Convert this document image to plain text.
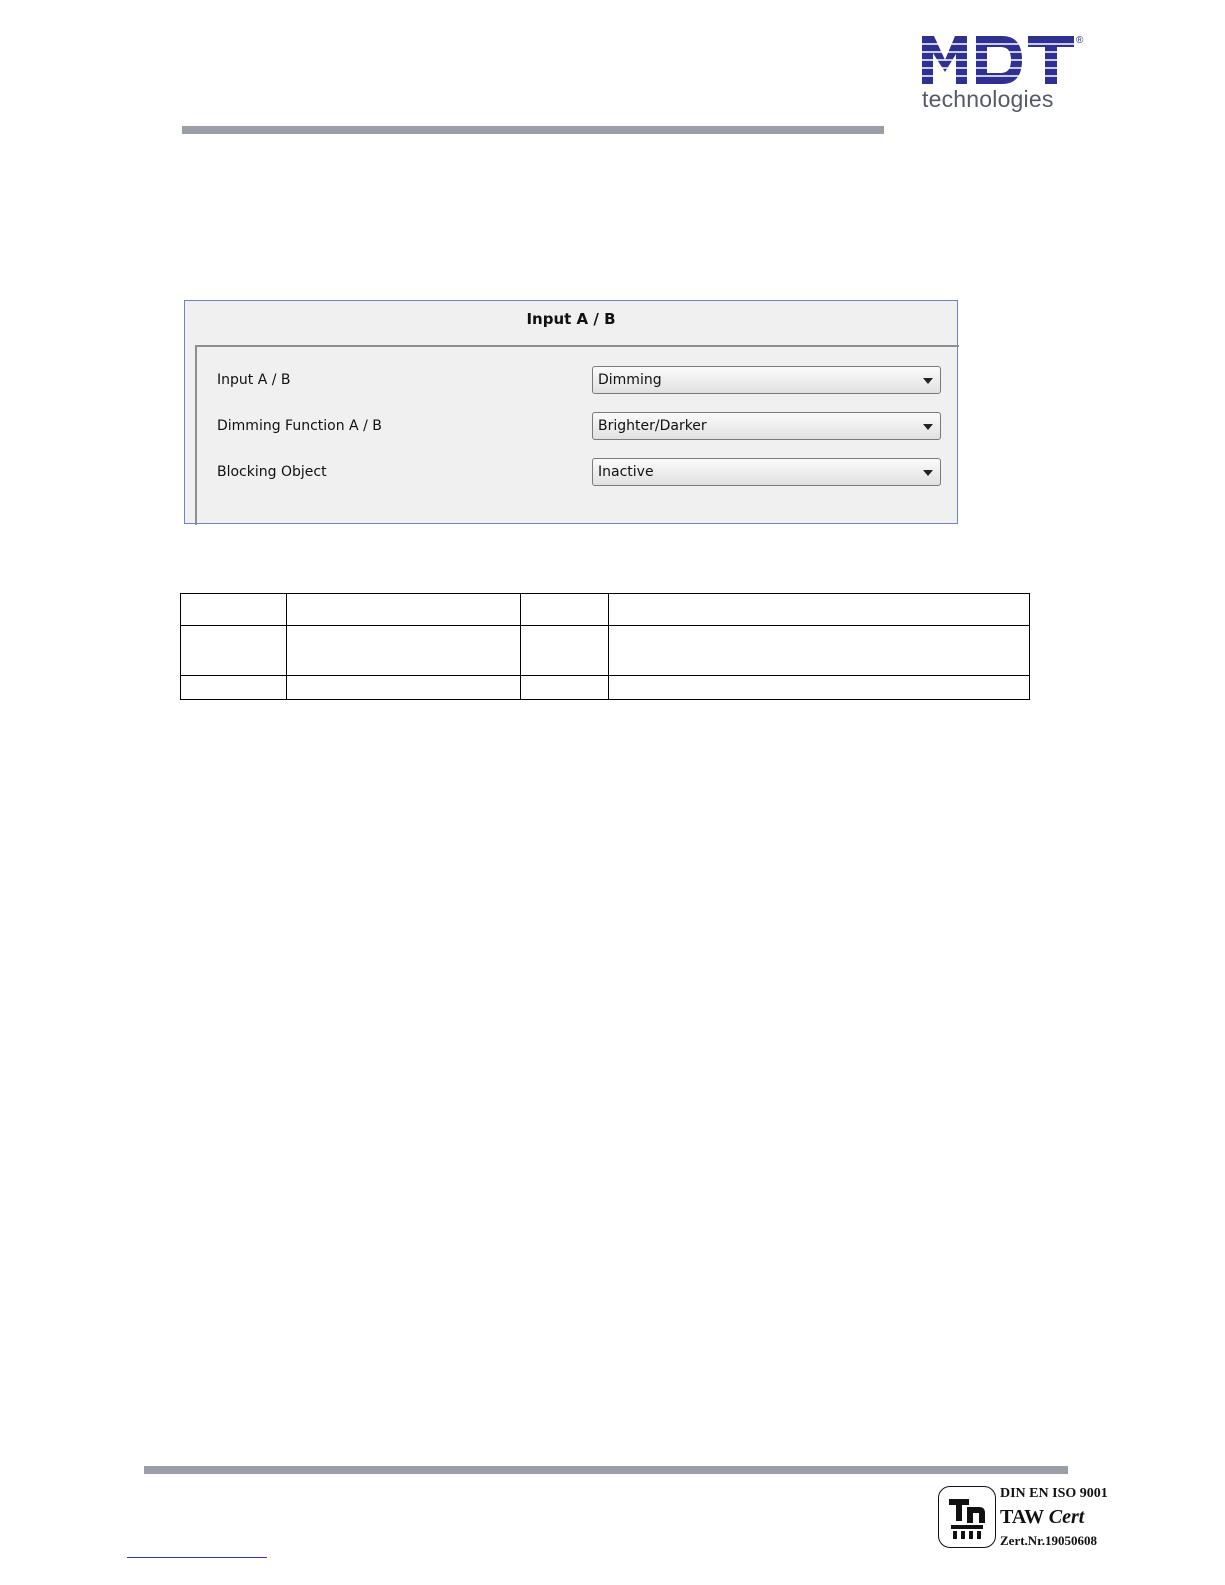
®
technologies
Input A / B
Input A / B	Dimming
Dimming Function A / B	Brighter/Darker
Blocking Object	Inactive

DIN EN ISO 9001
TAW Cert
Zert.Nr.19050608
